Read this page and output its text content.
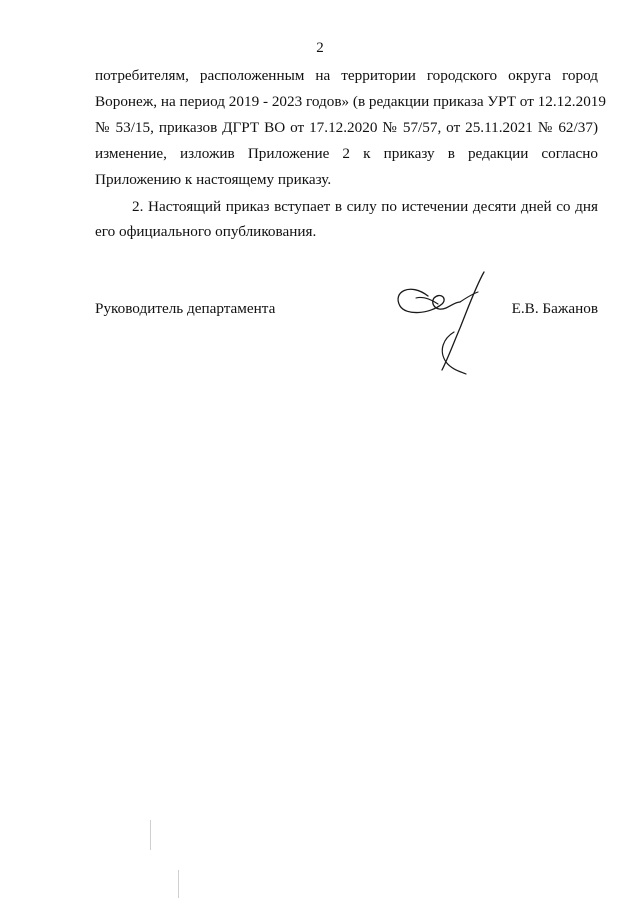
2
потребителям, расположенным на территории городского округа город
Воронеж, на период 2019 - 2023 годов» (в редакции приказа УРТ от 12.12.2019
№ 53/15, приказов ДГРТ ВО от 17.12.2020 № 57/57, от 25.11.2021 № 62/37)
изменение, изложив Приложение 2 к приказу в редакции согласно
Приложению к настоящему приказу.
2. Настоящий приказ вступает в силу по истечении десяти дней со дня
его официального опубликования.
Руководитель департамента	Е.В. Бажанов
